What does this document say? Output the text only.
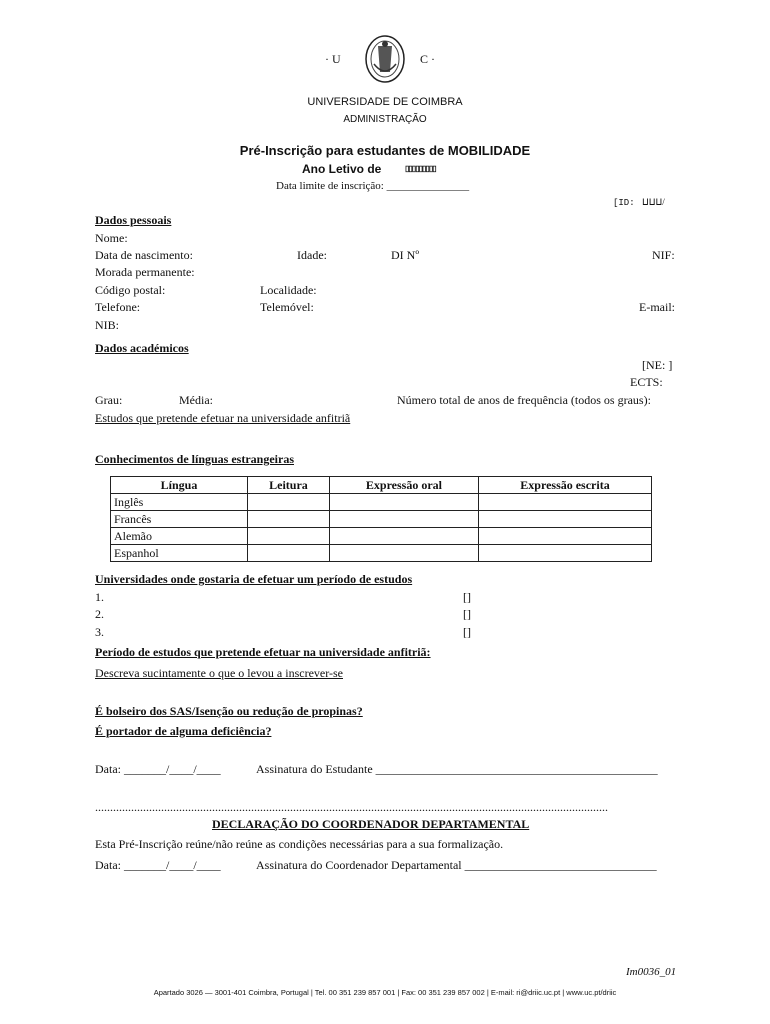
· U	C ·
UNIVERSIDADE DE COIMBRA
ADMINISTRAÇÃO
Pré-Inscrição para estudantes de MOBILIDADE
Ano Letivo de	▯▯▯▯▯▯▯▯▯
Data limite de inscrição: _______________
[ID: ⵡⵡⵡ/
Dados pessoais
Nome:
Data de nascimento:	Idade:	DI Nº	NIF:
Morada permanente:
Código postal:	Localidade:
Telefone:	Telemóvel:	E-mail:
NIB:
Dados académicos
[NE: ]
ECTS:
Grau:	Média:	Número total de anos de frequência (todos os graus):
Estudos que pretende efetuar na universidade anfitriã
Conhecimentos de línguas estrangeiras
Língua	Leitura	Expressão oral	Expressão escrita
Inglês			
Francês			
Alemão			
Espanhol			
Universidades onde gostaria de efetuar um período de estudos
1.	[]
2.	[]
3.	[]
Período de estudos que pretende efetuar na universidade anfitriã:
Descreva sucintamente o que o levou a inscrever-se
É bolseiro dos SAS/Isenção ou redução de propinas?
É portador de alguma deficiência?
Data: _______/____/____	Assinatura do Estudante _______________________________________________
...........................................................................................................................................................................
DECLARAÇÃO DO COORDENADOR DEPARTAMENTAL
Esta Pré-Inscrição reúne/não reúne as condições necessárias para a sua formalização.
Data: _______/____/____	Assinatura do Coordenador Departamental ________________________________
Im0036_01
Apartado 3026 — 3001-401 Coimbra, Portugal | Tel. 00 351 239 857 001 | Fax: 00 351 239 857 002 | E-mail: ri@driic.uc.pt | www.uc.pt/driic
